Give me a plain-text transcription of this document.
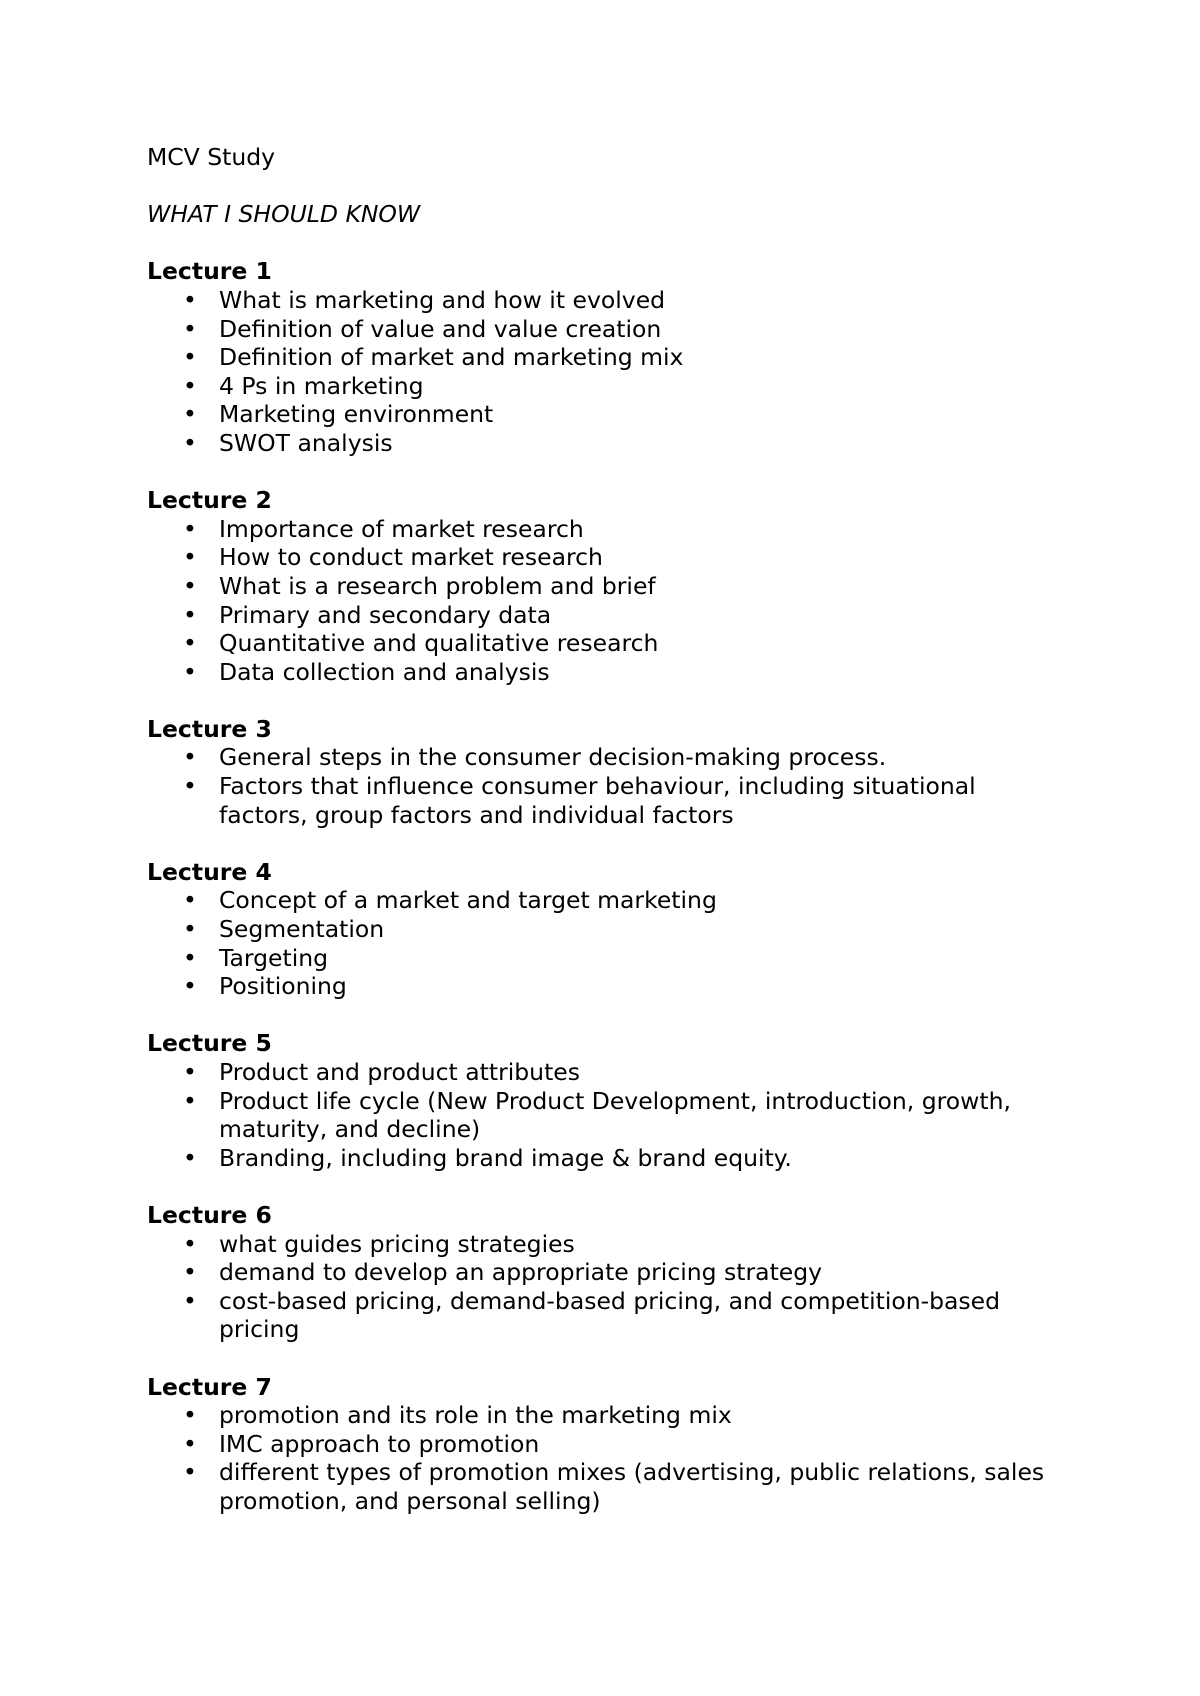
MCV Study

WHAT I SHOULD KNOW

Lecture 1

• What is marketing and how it evolved
• Definition of value and value creation
• Definition of market and marketing mix
• 4 Ps in marketing
• Marketing environment
• SWOT analysis

Lecture 2

• Importance of market research
• How to conduct market research
• What is a research problem and brief
• Primary and secondary data
• Quantitative and qualitative research
• Data collection and analysis

Lecture 3

• General steps in the consumer decision-making process.
• Factors that influence consumer behaviour, including situational factors, group factors and individual factors

Lecture 4

• Concept of a market and target marketing
• Segmentation
• Targeting
• Positioning

Lecture 5

• Product and product attributes
• Product life cycle (New Product Development, introduction, growth, maturity, and decline)
• Branding, including brand image & brand equity.

Lecture 6

• what guides pricing strategies
• demand to develop an appropriate pricing strategy
• cost-based pricing, demand-based pricing, and competition-based pricing

Lecture 7

• promotion and its role in the marketing mix
• IMC approach to promotion
• different types of promotion mixes (advertising, public relations, sales promotion, and personal selling)
